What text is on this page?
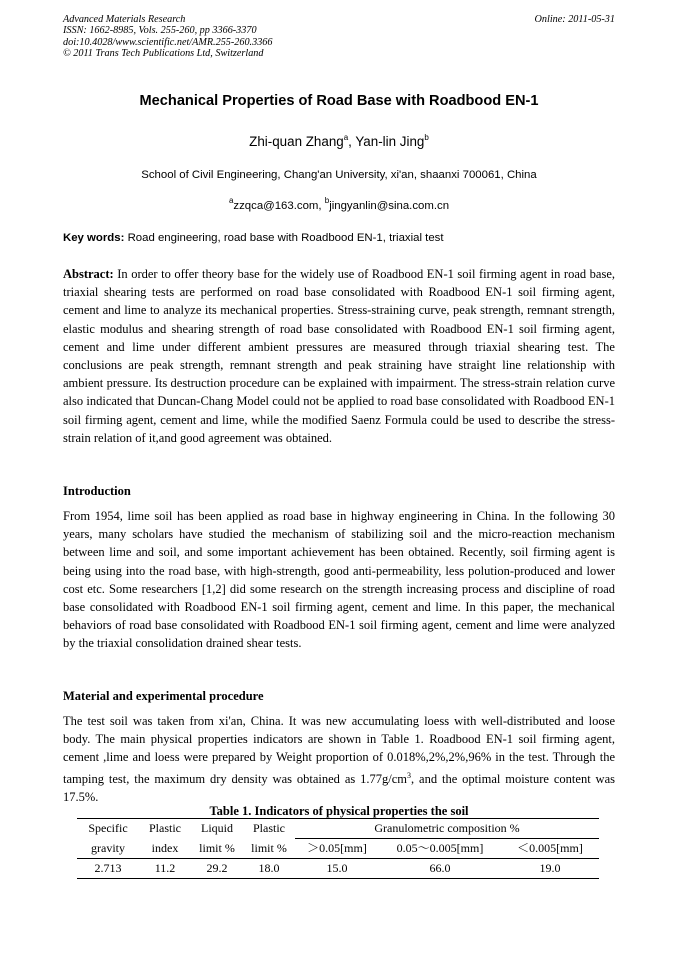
Advanced Materials Research
ISSN: 1662-8985, Vols. 255-260, pp 3366-3370
doi:10.4028/www.scientific.net/AMR.255-260.3366
© 2011 Trans Tech Publications Ltd, Switzerland
Online: 2011-05-31
Mechanical Properties of Road Base with Roadbood EN-1
Zhi-quan Zhang$^a$, Yan-lin Jing$^b$
School of Civil Engineering, Chang'an University, xi'an, shaanxi 700061, China
$^a$zzqca@163.com, $^b$jingyanlin@sina.com.cn
Key words: Road engineering, road base with Roadbood EN-1, triaxial test
Abstract: In order to offer theory base for the widely use of Roadbood EN-1 soil firming agent in road base, triaxial shearing tests are performed on road base consolidated with Roadbood EN-1 soil firming agent, cement and lime to analyze its mechanical properties. Stress-straining curve, peak strength, remnant strength, elastic modulus and shearing strength of road base consolidated with Roadbood EN-1 soil firming agent, cement and lime under different ambient pressures are measured through triaxial shearing test. The conclusions are peak strength, remnant strength and peak straining have straight line relationship with ambient pressure. Its destruction procedure can be explained with impairment. The stress-strain relation curve also indicated that Duncan-Chang Model could not be applied to road base consolidated with Roadbood EN-1 soil firming agent, cement and lime, while the modified Saenz Formula could be used to describe the stress-strain relation of it,and good agreement was obtained.
Introduction
From 1954, lime soil has been applied as road base in highway engineering in China. In the following 30 years, many scholars have studied the mechanism of stabilizing soil and the micro-reaction mechanism between lime and soil, and some important achievement has been obtained. Recently, soil firming agent is being using into the road base, with high-strength, good anti-permeability, less polution-produced and lower cost etc. Some researchers [1,2] did some research on the strength increasing process and discipline of road base consolidated with Roadbood EN-1 soil firming agent, cement and lime. In this paper, the mechanical behaviors of road base consolidated with Roadbood EN-1 soil firming agent, cement and lime were analyzed by the triaxial consolidation drained shear tests.
Material and experimental procedure
The test soil was taken from xi'an, China. It was new accumulating loess with well-distributed and loose body. The main physical properties indicators are shown in Table 1. Roadbood EN-1 soil firming agent, cement ,lime and loess were prepared by Weight proportion of 0.018%,2%,2%,96% in the test. Through the tamping test, the maximum dry density was obtained as $1.77g/cm^3$, and the optimal moisture content was 17.5%.
Table 1. Indicators of physical properties the soil
Specific	Plastic	Liquid	Plastic	Granulometric composition %		
gravity	index	limit %	limit %	＞0.05[mm]	0.05～0.005[mm]	＜0.005[mm]
2.713	11.2	29.2	18.0	15.0	66.0	19.0
